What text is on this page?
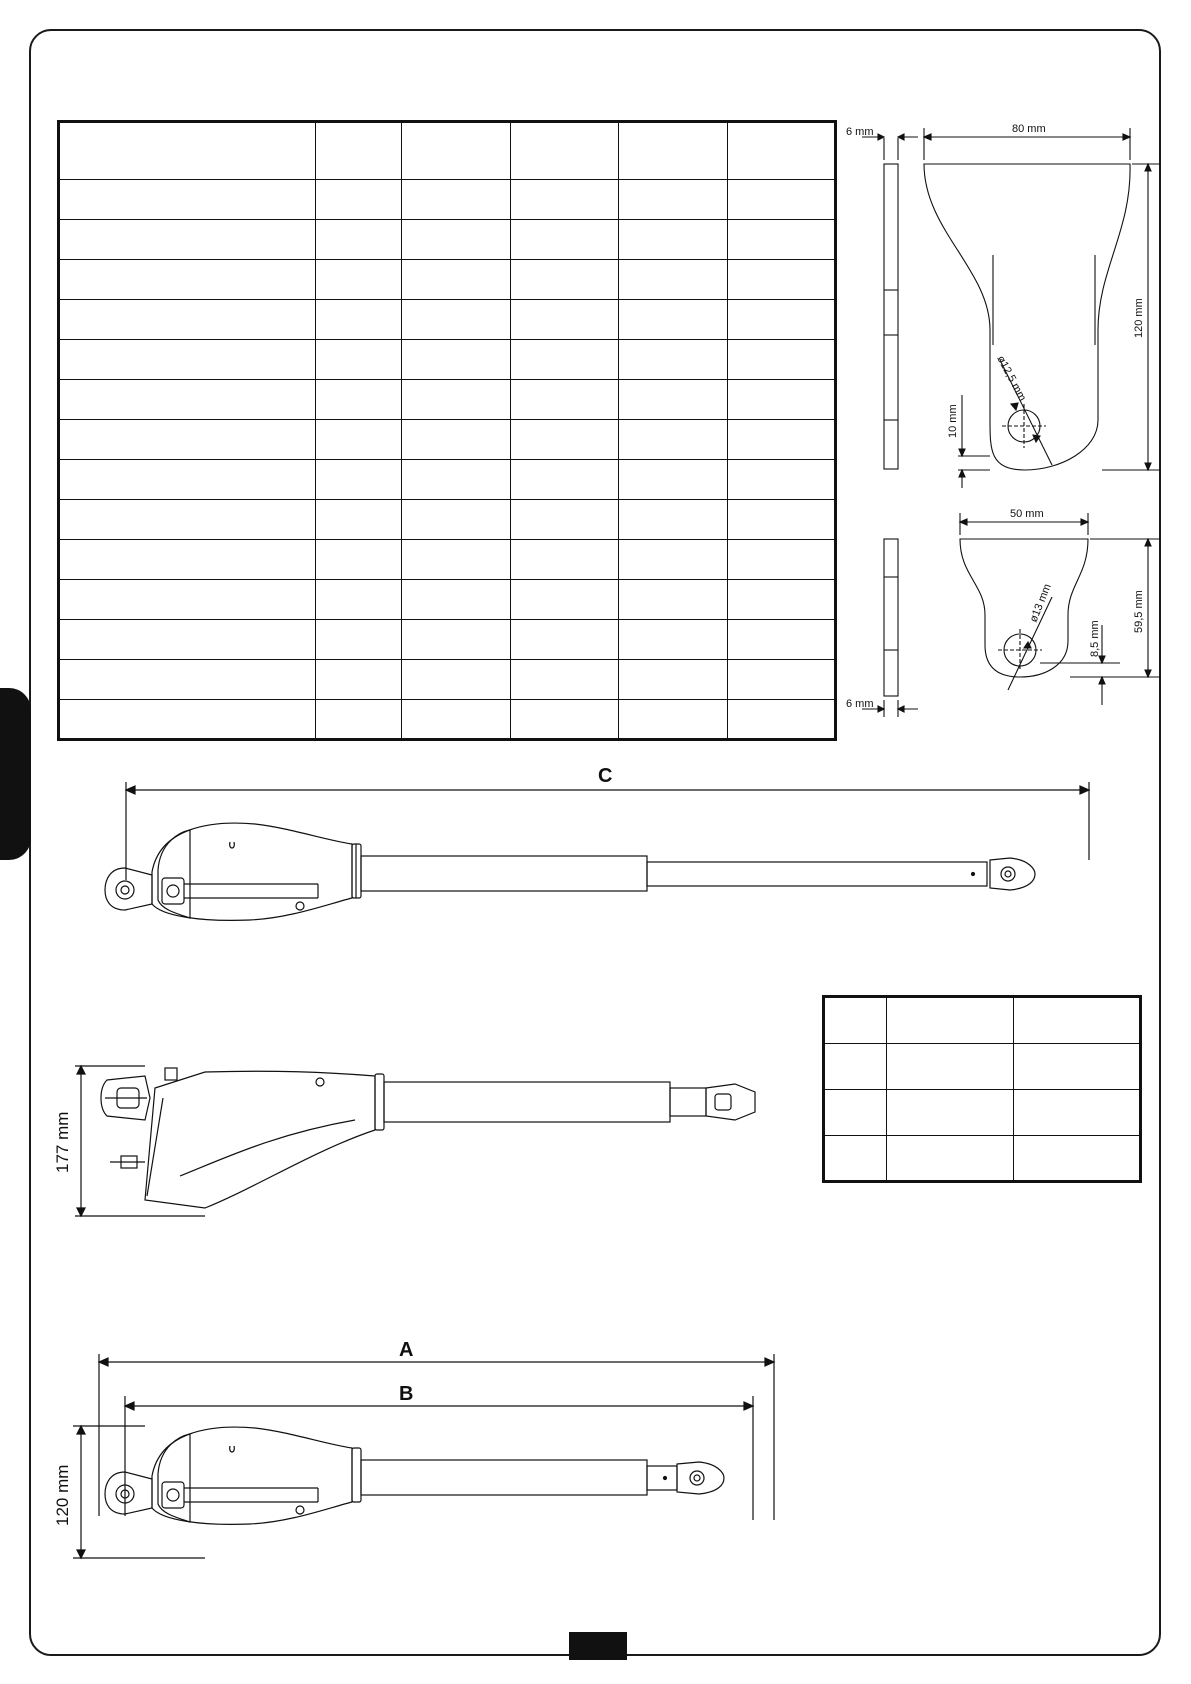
6 mm	80 mm
120 mm
10 mm
ø12,5 mm
50 mm
59,5 mm
8,5 mm
ø13 mm
6 mm
C
177 mm
A
B
120 mm
